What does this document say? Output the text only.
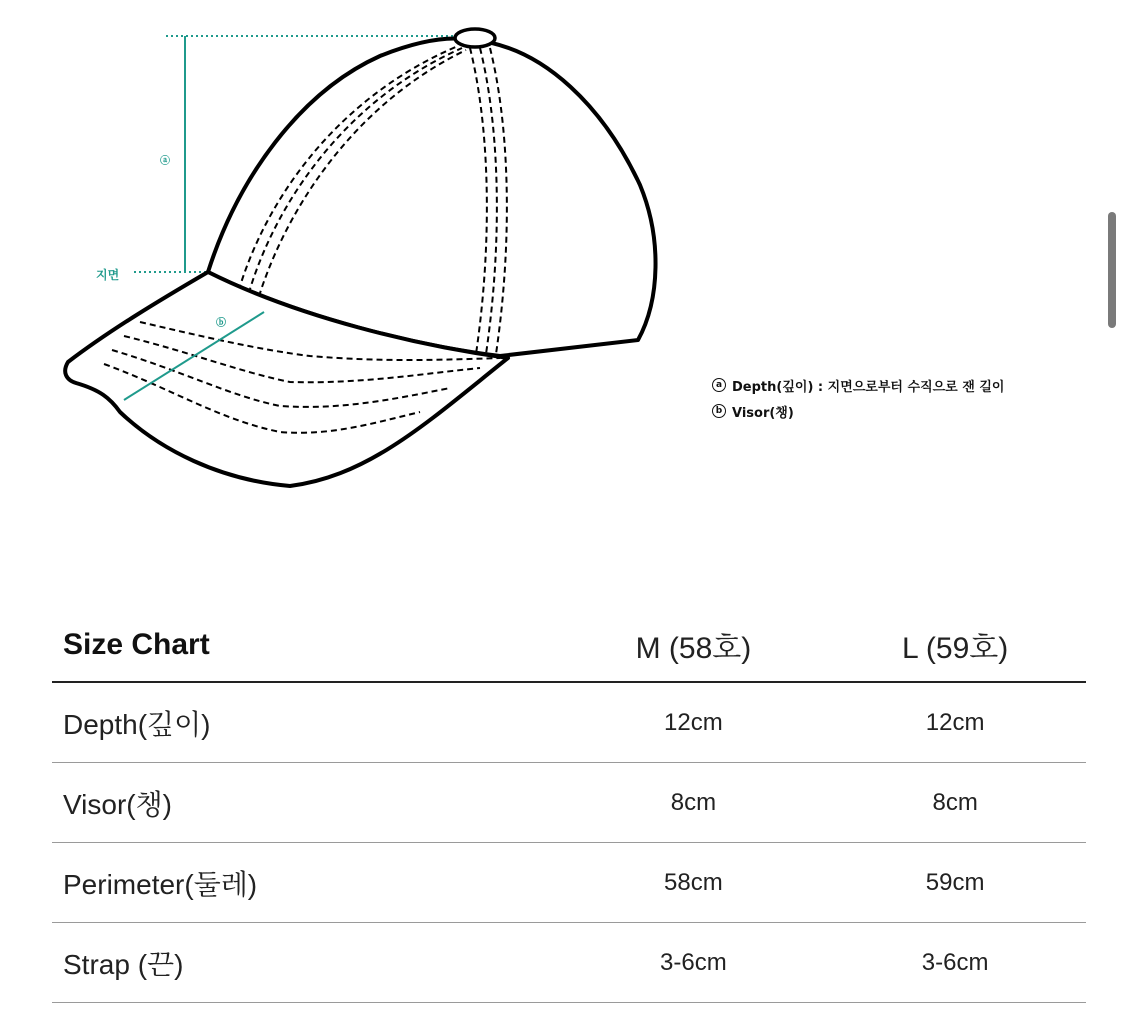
ⓐ
ⓑ
지면
a Depth(깊이) : 지면으로부터 수직으로 잰 길이
b Visor(챙)
Size Chart	M (58호)	L (59호)
Depth(깊이)	12cm	12cm
Visor(챙)	8cm	8cm
Perimeter(둘레)	58cm	59cm
Strap (끈)	3-6cm	3-6cm
